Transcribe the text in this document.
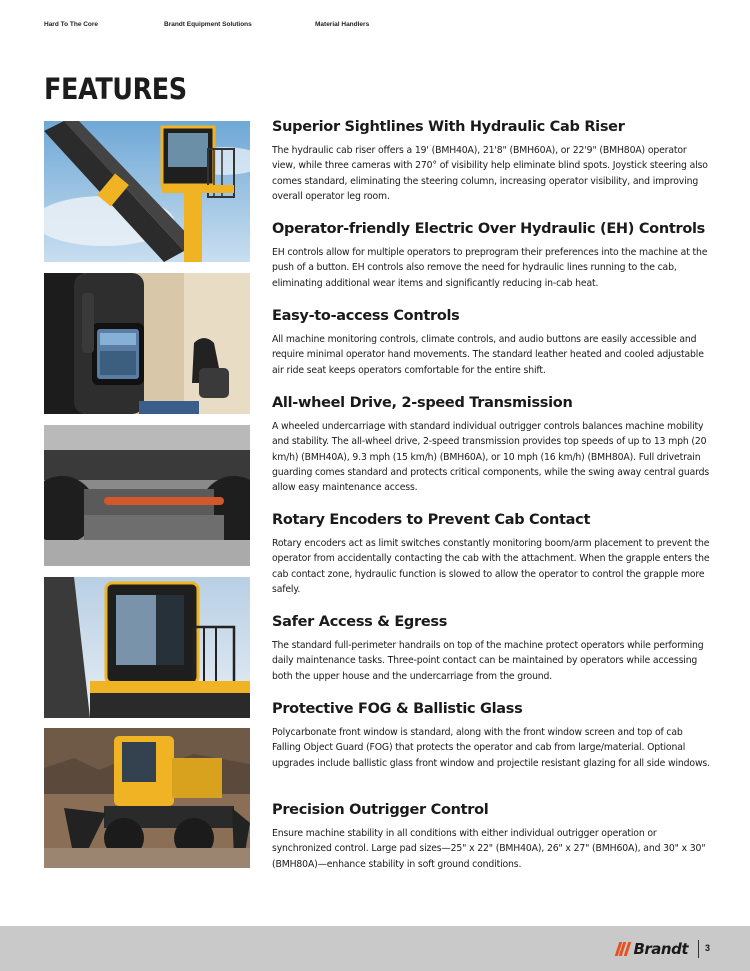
Hard To The Core	Brandt Equipment Solutions	Material Handlers
FEATURES
Superior Sightlines With Hydraulic Cab Riser

The hydraulic cab riser offers a 19' (BMH40A), 21'8" (BMH60A), or 22'9" (BMH80A) operator view, while three cameras with 270° of visibility help eliminate blind spots. Joystick steering also comes standard, eliminating the steering column, increasing operator visibility, and improving overall operator leg room.

Operator-friendly Electric Over Hydraulic (EH) Controls

EH controls allow for multiple operators to preprogram their preferences into the machine at the push of a button. EH controls also remove the need for hydraulic lines running to the cab, eliminating additional wear items and significantly reducing in-cab heat.

Easy-to-access Controls

All machine monitoring controls, climate controls, and audio buttons are easily accessible and require minimal operator hand movements. The standard leather heated and cooled adjustable air ride seat keeps operators comfortable for the entire shift.

All-wheel Drive, 2-speed Transmission

A wheeled undercarriage with standard individual outrigger controls balances machine mobility and stability. The all-wheel drive, 2-speed transmission provides top speeds of up to 13 mph (20 km/h) (BMH40A), 9.3 mph (15 km/h) (BMH60A), or 10 mph (16 km/h) (BMH80A). Full drivetrain guarding comes standard and protects critical components, while the swing away central guards allow easy maintenance access.

Rotary Encoders to Prevent Cab Contact

Rotary encoders act as limit switches constantly monitoring boom/arm placement to prevent the operator from accidentally contacting the cab with the attachment. When the grapple enters the cab contact zone, hydraulic function is slowed to allow the operator to control the grapple more safely.

Safer Access & Egress

The standard full-perimeter handrails on top of the machine protect operators while performing daily maintenance tasks. Three-point contact can be maintained by operators while accessing both the upper house and the undercarriage from the ground.

Protective FOG & Ballistic Glass

Polycarbonate front window is standard, along with the front window screen and top of cab Falling Object Guard (FOG) that protects the operator and cab from large/material. Optional upgrades include ballistic glass front window and projectile resistant glazing for all side windows.

Precision Outrigger Control

Ensure machine stability in all conditions with either individual outrigger operation or synchronized control. Large pad sizes—25" x 22" (BMH40A), 26" x 27" (BMH60A), and 30" x 30" (BMH80A)—enhance stability in soft ground conditions.

Brandt 3
